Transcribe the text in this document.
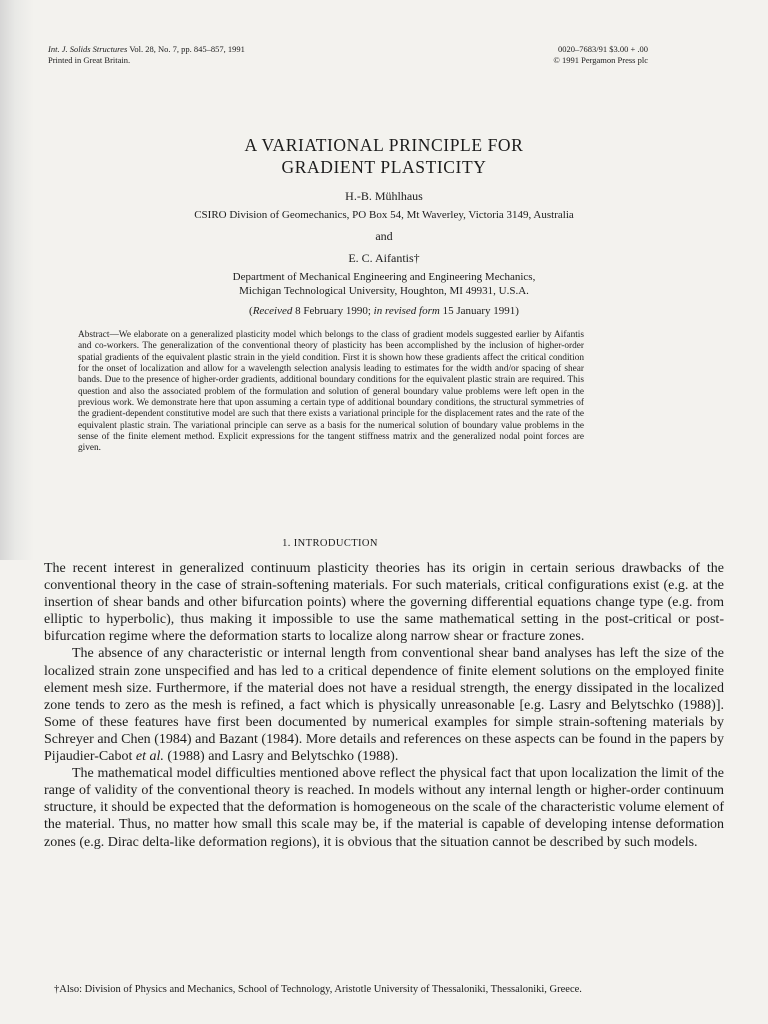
Int. J. Solids Structures Vol. 28, No. 7, pp. 845–857, 1991
Printed in Great Britain.
0020–7683/91 $3.00 + .00
© 1991 Pergamon Press plc
A VARIATIONAL PRINCIPLE FOR
GRADIENT PLASTICITY
H.-B. Mühlhaus
CSIRO Division of Geomechanics, PO Box 54, Mt Waverley, Victoria 3149, Australia
and
E. C. Aifantis†
Department of Mechanical Engineering and Engineering Mechanics,
Michigan Technological University, Houghton, MI 49931, U.S.A.
(Received 8 February 1990; in revised form 15 January 1991)
Abstract—We elaborate on a generalized plasticity model which belongs to the class of gradient models suggested earlier by Aifantis and co-workers. The generalization of the conventional theory of plasticity has been accomplished by the inclusion of higher-order spatial gradients of the equivalent plastic strain in the yield condition. First it is shown how these gradients affect the critical condition for the onset of localization and allow for a wavelength selection analysis leading to estimates for the width and/or spacing of shear bands. Due to the presence of higher-order gradients, additional boundary conditions for the equivalent plastic strain are required. This question and also the associated problem of the formulation and solution of general boundary value problems were left open in the previous work. We demonstrate here that upon assuming a certain type of additional boundary conditions, the structural symmetries of the gradient-dependent constitutive model are such that there exists a variational principle for the displacement rates and the rate of the equivalent plastic strain. The variational principle can serve as a basis for the numerical solution of boundary value problems in the sense of the finite element method. Explicit expressions for the tangent stiffness matrix and the generalized nodal point forces are given.
1. INTRODUCTION

The recent interest in generalized continuum plasticity theories has its origin in certain serious drawbacks of the conventional theory in the case of strain-softening materials. For such materials, critical configurations exist (e.g. at the insertion of shear bands and other bifurcation points) where the governing differential equations change type (e.g. from elliptic to hyperbolic), thus making it impossible to use the same mathematical setting in the post-critical or post-bifurcation regime where the deformation starts to localize along narrow shear or fracture zones.

The absence of any characteristic or internal length from conventional shear band analyses has left the size of the localized strain zone unspecified and has led to a critical dependence of finite element solutions on the employed finite element mesh size. Furthermore, if the material does not have a residual strength, the energy dissipated in the localized zone tends to zero as the mesh is refined, a fact which is physically unreasonable [e.g. Lasry and Belytschko (1988)]. Some of these features have first been documented by numerical examples for simple strain-softening materials by Schreyer and Chen (1984) and Bazant (1984). More details and references on these aspects can be found in the papers by Pijaudier-Cabot et al. (1988) and Lasry and Belytschko (1988).

The mathematical model difficulties mentioned above reflect the physical fact that upon localization the limit of the range of validity of the conventional theory is reached. In models without any internal length or higher-order continuum structure, it should be expected that the deformation is homogeneous on the scale of the characteristic volume element of the material. Thus, no matter how small this scale may be, if the material is capable of developing intense deformation zones (e.g. Dirac delta-like deformation regions), it is obvious that the situation cannot be described by such models.

†Also: Division of Physics and Mechanics, School of Technology, Aristotle University of Thessaloniki, Thessaloniki, Greece.
